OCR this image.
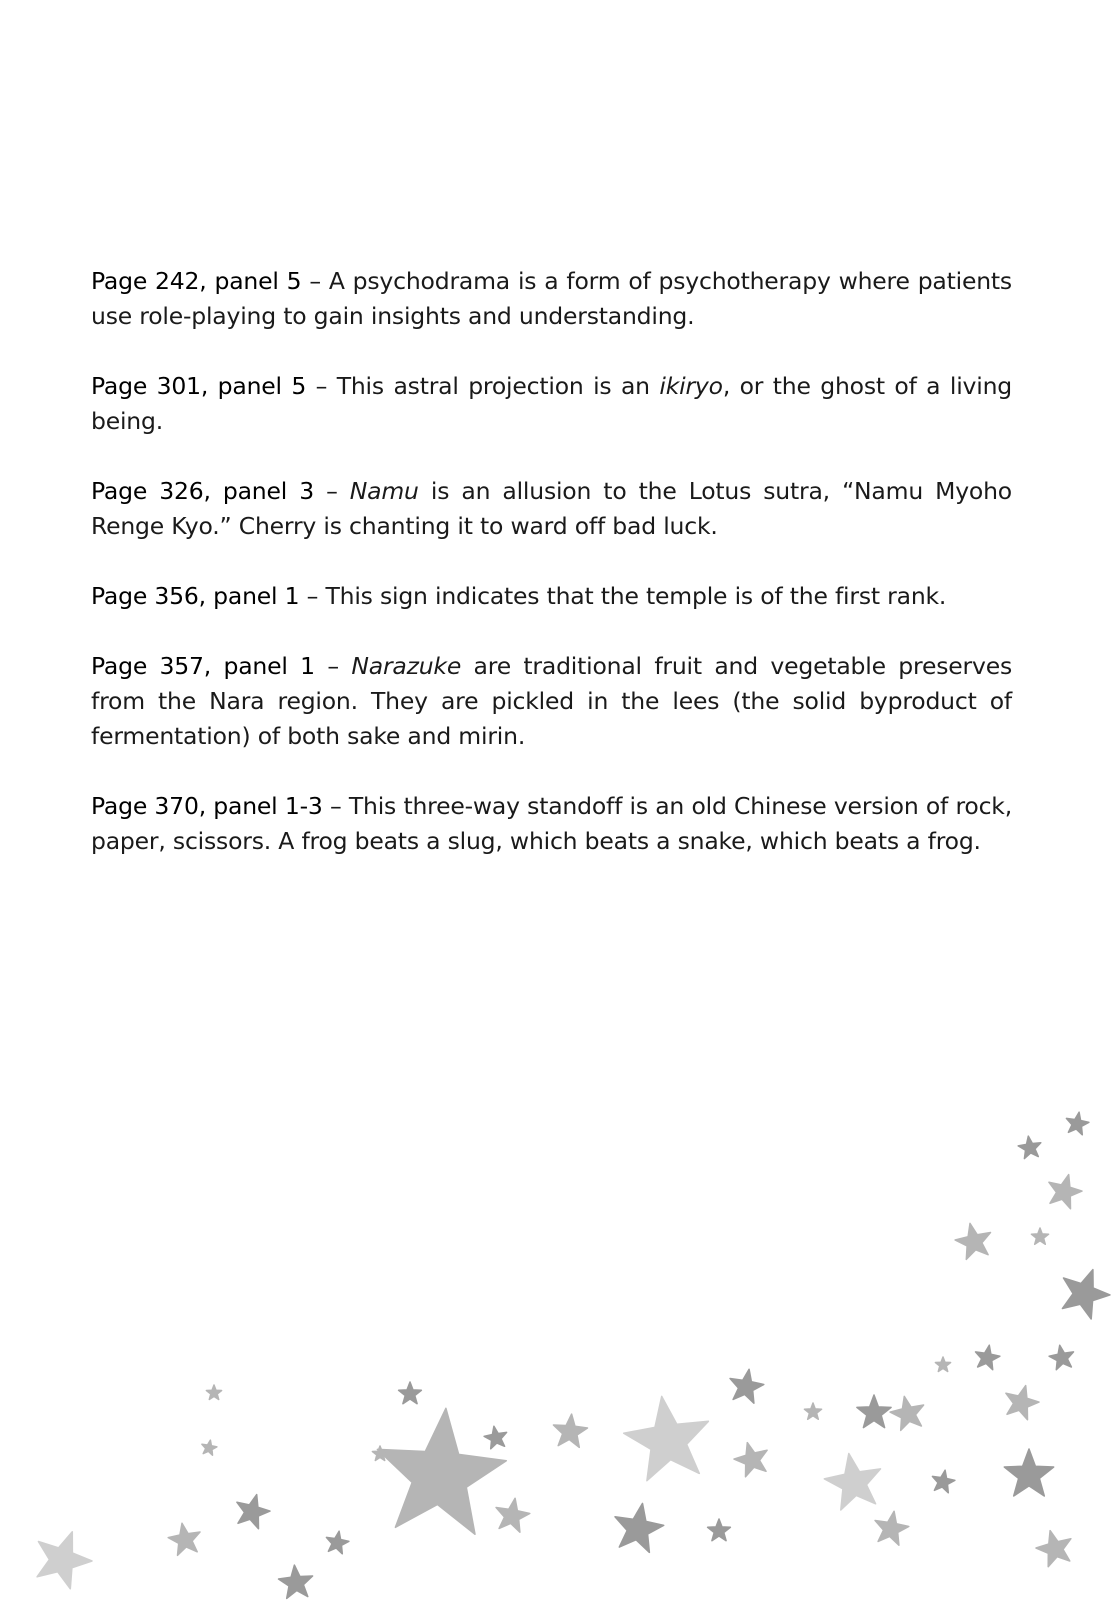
Page 242, panel 5 – A psychodrama is a form of psychotherapy where patients use role-playing to gain insights and understanding.

Page 301, panel 5 – This astral projection is an ikiryo, or the ghost of a living being.

Page 326, panel 3 – Namu is an allusion to the Lotus sutra, “Namu Myoho Renge Kyo.” Cherry is chanting it to ward off bad luck.

Page 356, panel 1 – This sign indicates that the temple is of the first rank.

Page 357, panel 1 – Narazuke are traditional fruit and vegetable preserves from the Nara region. They are pickled in the lees (the solid byproduct of fermentation) of both sake and mirin.

Page 370, panel 1-3 – This three-way standoff is an old Chinese version of rock, paper, scissors. A frog beats a slug, which beats a snake, which beats a frog.
